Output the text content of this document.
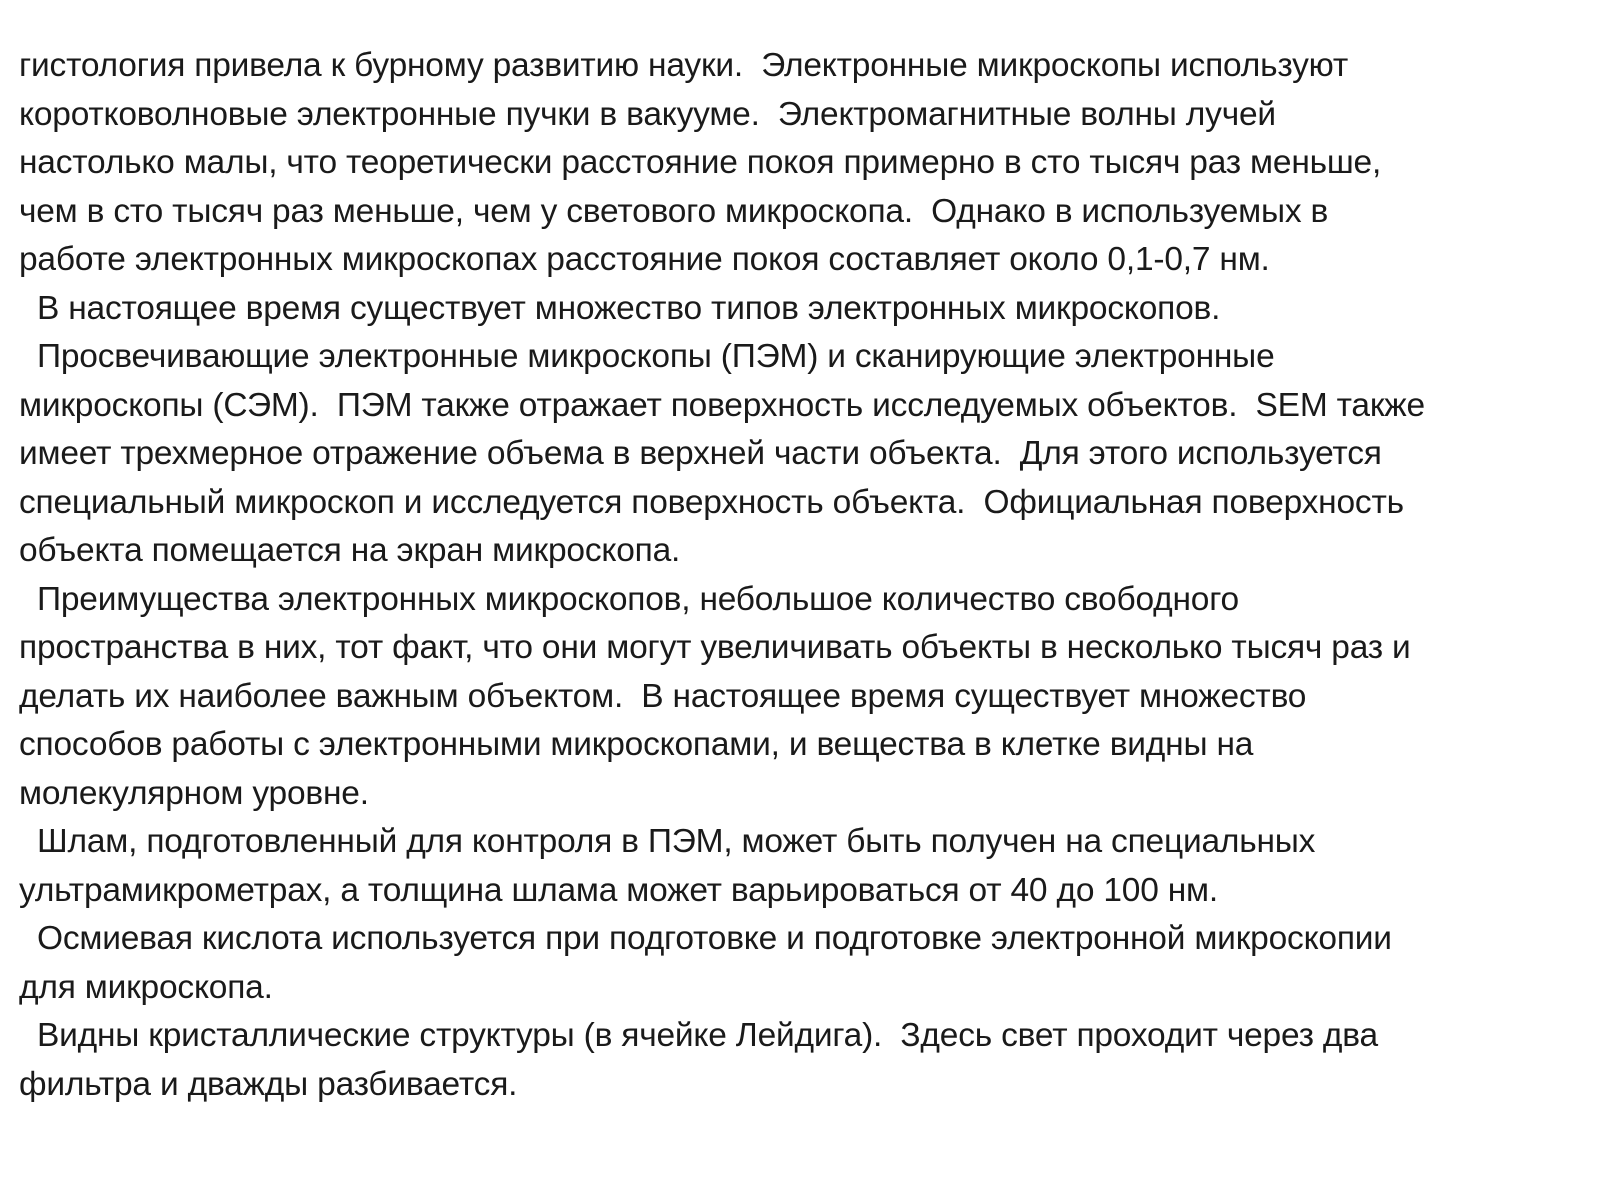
гистология привела к бурному развитию науки.  Электронные микроскопы используют
коротковолновые электронные пучки в вакууме.  Электромагнитные волны лучей
настолько малы, что теоретически расстояние покоя примерно в сто тысяч раз меньше,
чем в сто тысяч раз меньше, чем у светового микроскопа.  Однако в используемых в
работе электронных микроскопах расстояние покоя составляет около 0,1-0,7 нм.
В настоящее время существует множество типов электронных микроскопов.
Просвечивающие электронные микроскопы (ПЭМ) и сканирующие электронные
микроскопы (СЭМ).  ПЭМ также отражает поверхность исследуемых объектов.  SEM также
имеет трехмерное отражение объема в верхней части объекта.  Для этого используется
специальный микроскоп и исследуется поверхность объекта.  Официальная поверхность
объекта помещается на экран микроскопа.
Преимущества электронных микроскопов, небольшое количество свободного
пространства в них, тот факт, что они могут увеличивать объекты в несколько тысяч раз и
делать их наиболее важным объектом.  В настоящее время существует множество
способов работы с электронными микроскопами, и вещества в клетке видны на
молекулярном уровне.
Шлам, подготовленный для контроля в ПЭМ, может быть получен на специальных
ультрамикрометрах, а толщина шлама может варьироваться от 40 до 100 нм.
Осмиевая кислота используется при подготовке и подготовке электронной микроскопии
для микроскопа.
Видны кристаллические структуры (в ячейке Лейдига).  Здесь свет проходит через два
фильтра и дважды разбивается.
